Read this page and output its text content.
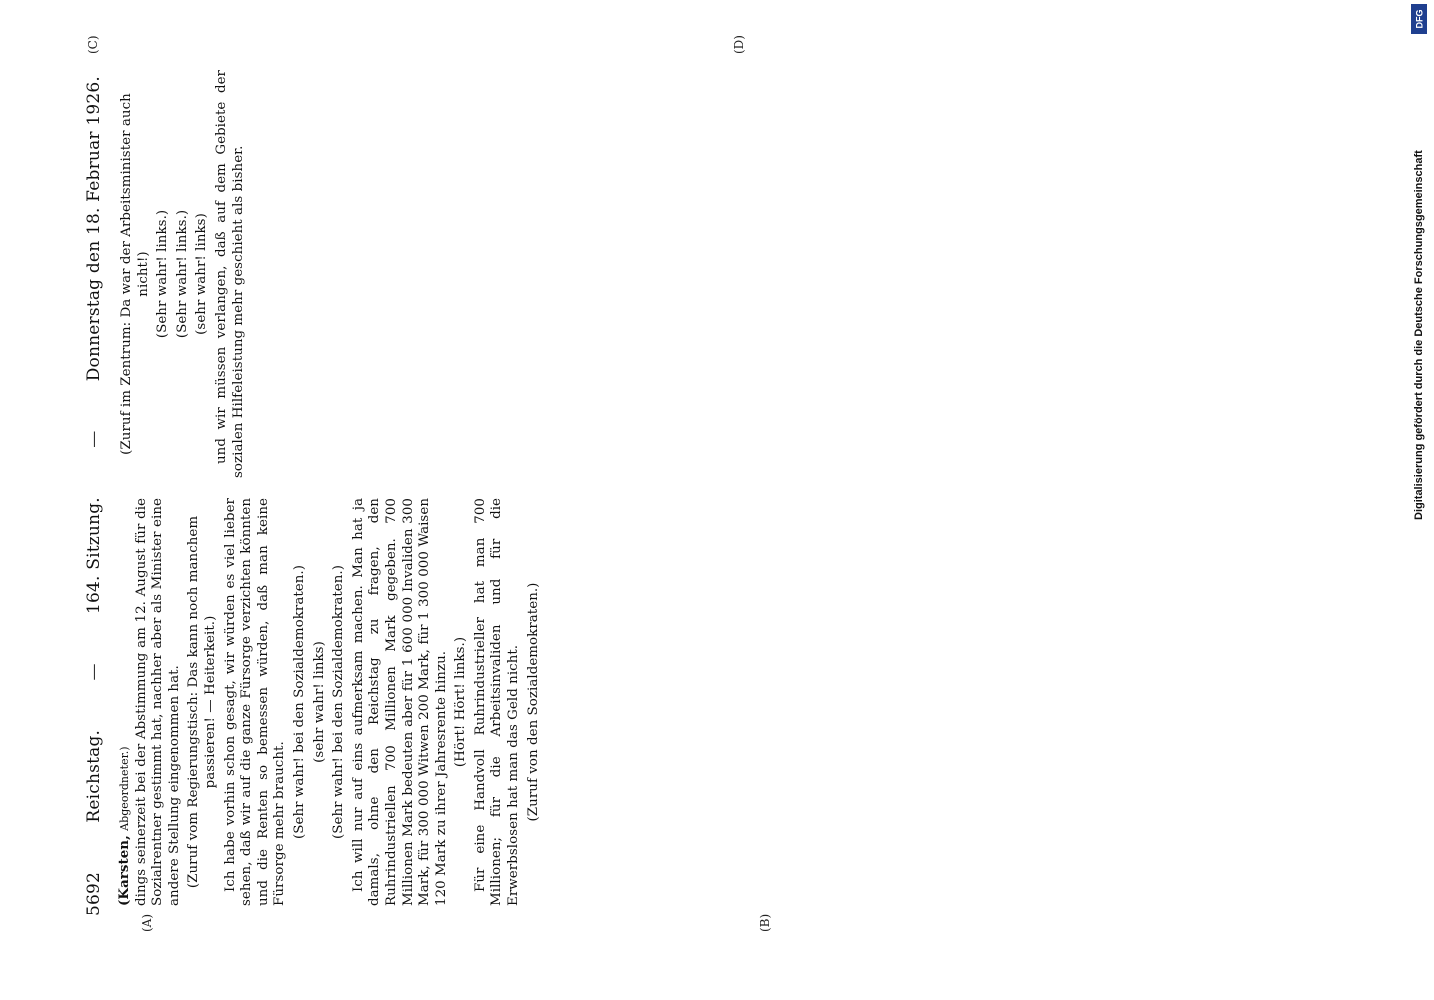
5692
Reichstag.
—
164. Sitzung.
—
Donnerstag den 18. Februar 1926.
(A)	(B)
(C)	(D)

(Karsten, Abgeordneter.) dings seinerzeit bei der Abstimmung am 12. August für die Sozialrentner gestimmt hat, nachher aber als Minister eine andere Stellung eingenommen hat. (Zuruf vom Regierungstisch: Das kann noch manchem passieren! — Heiterkeit.) Ich habe vorhin schon gesagt, wir würden es viel lieber sehen, daß wir auf die ganze Fürsorge verzichten könnten und die Renten so bemessen würden, daß man keine Fürsorge mehr braucht. (Sehr wahr! bei den Sozialdemokraten.) (sehr wahr! links) (Sehr wahr! bei den Sozialdemokraten.) Ich will nur auf eins aufmerksam machen. Man hat ja damals, ohne den Reichstag zu fragen, den Ruhrindustriellen 700 Millionen Mark gegeben. 700 Millionen Mark bedeuten aber für 1 600 000 Invaliden 300 Mark, für 300 000 Witwen 200 Mark, für 1 300 000 Waisen 120 Mark zu ihrer Jahresrente hinzu. (Hört! Hört! links.) Für eine Handvoll Ruhrindustrieller hat man 700 Millionen; für die Arbeitsinvaliden und für die Erwerbslosen hat man das Geld nicht. (Zuruf von den Sozialdemokraten.)

(Zuruf im Zentrum: Da war der Arbeitsminister auch nicht!) (Sehr wahr! links.) (Sehr wahr! links.) (sehr wahr! links) und wir müssen verlangen, daß auf dem Gebiete der sozialen Hilfeleistung mehr geschieht als bisher.

DFG
Digitalisierung gefördert durch die Deutsche Forschungsgemeinschaft
